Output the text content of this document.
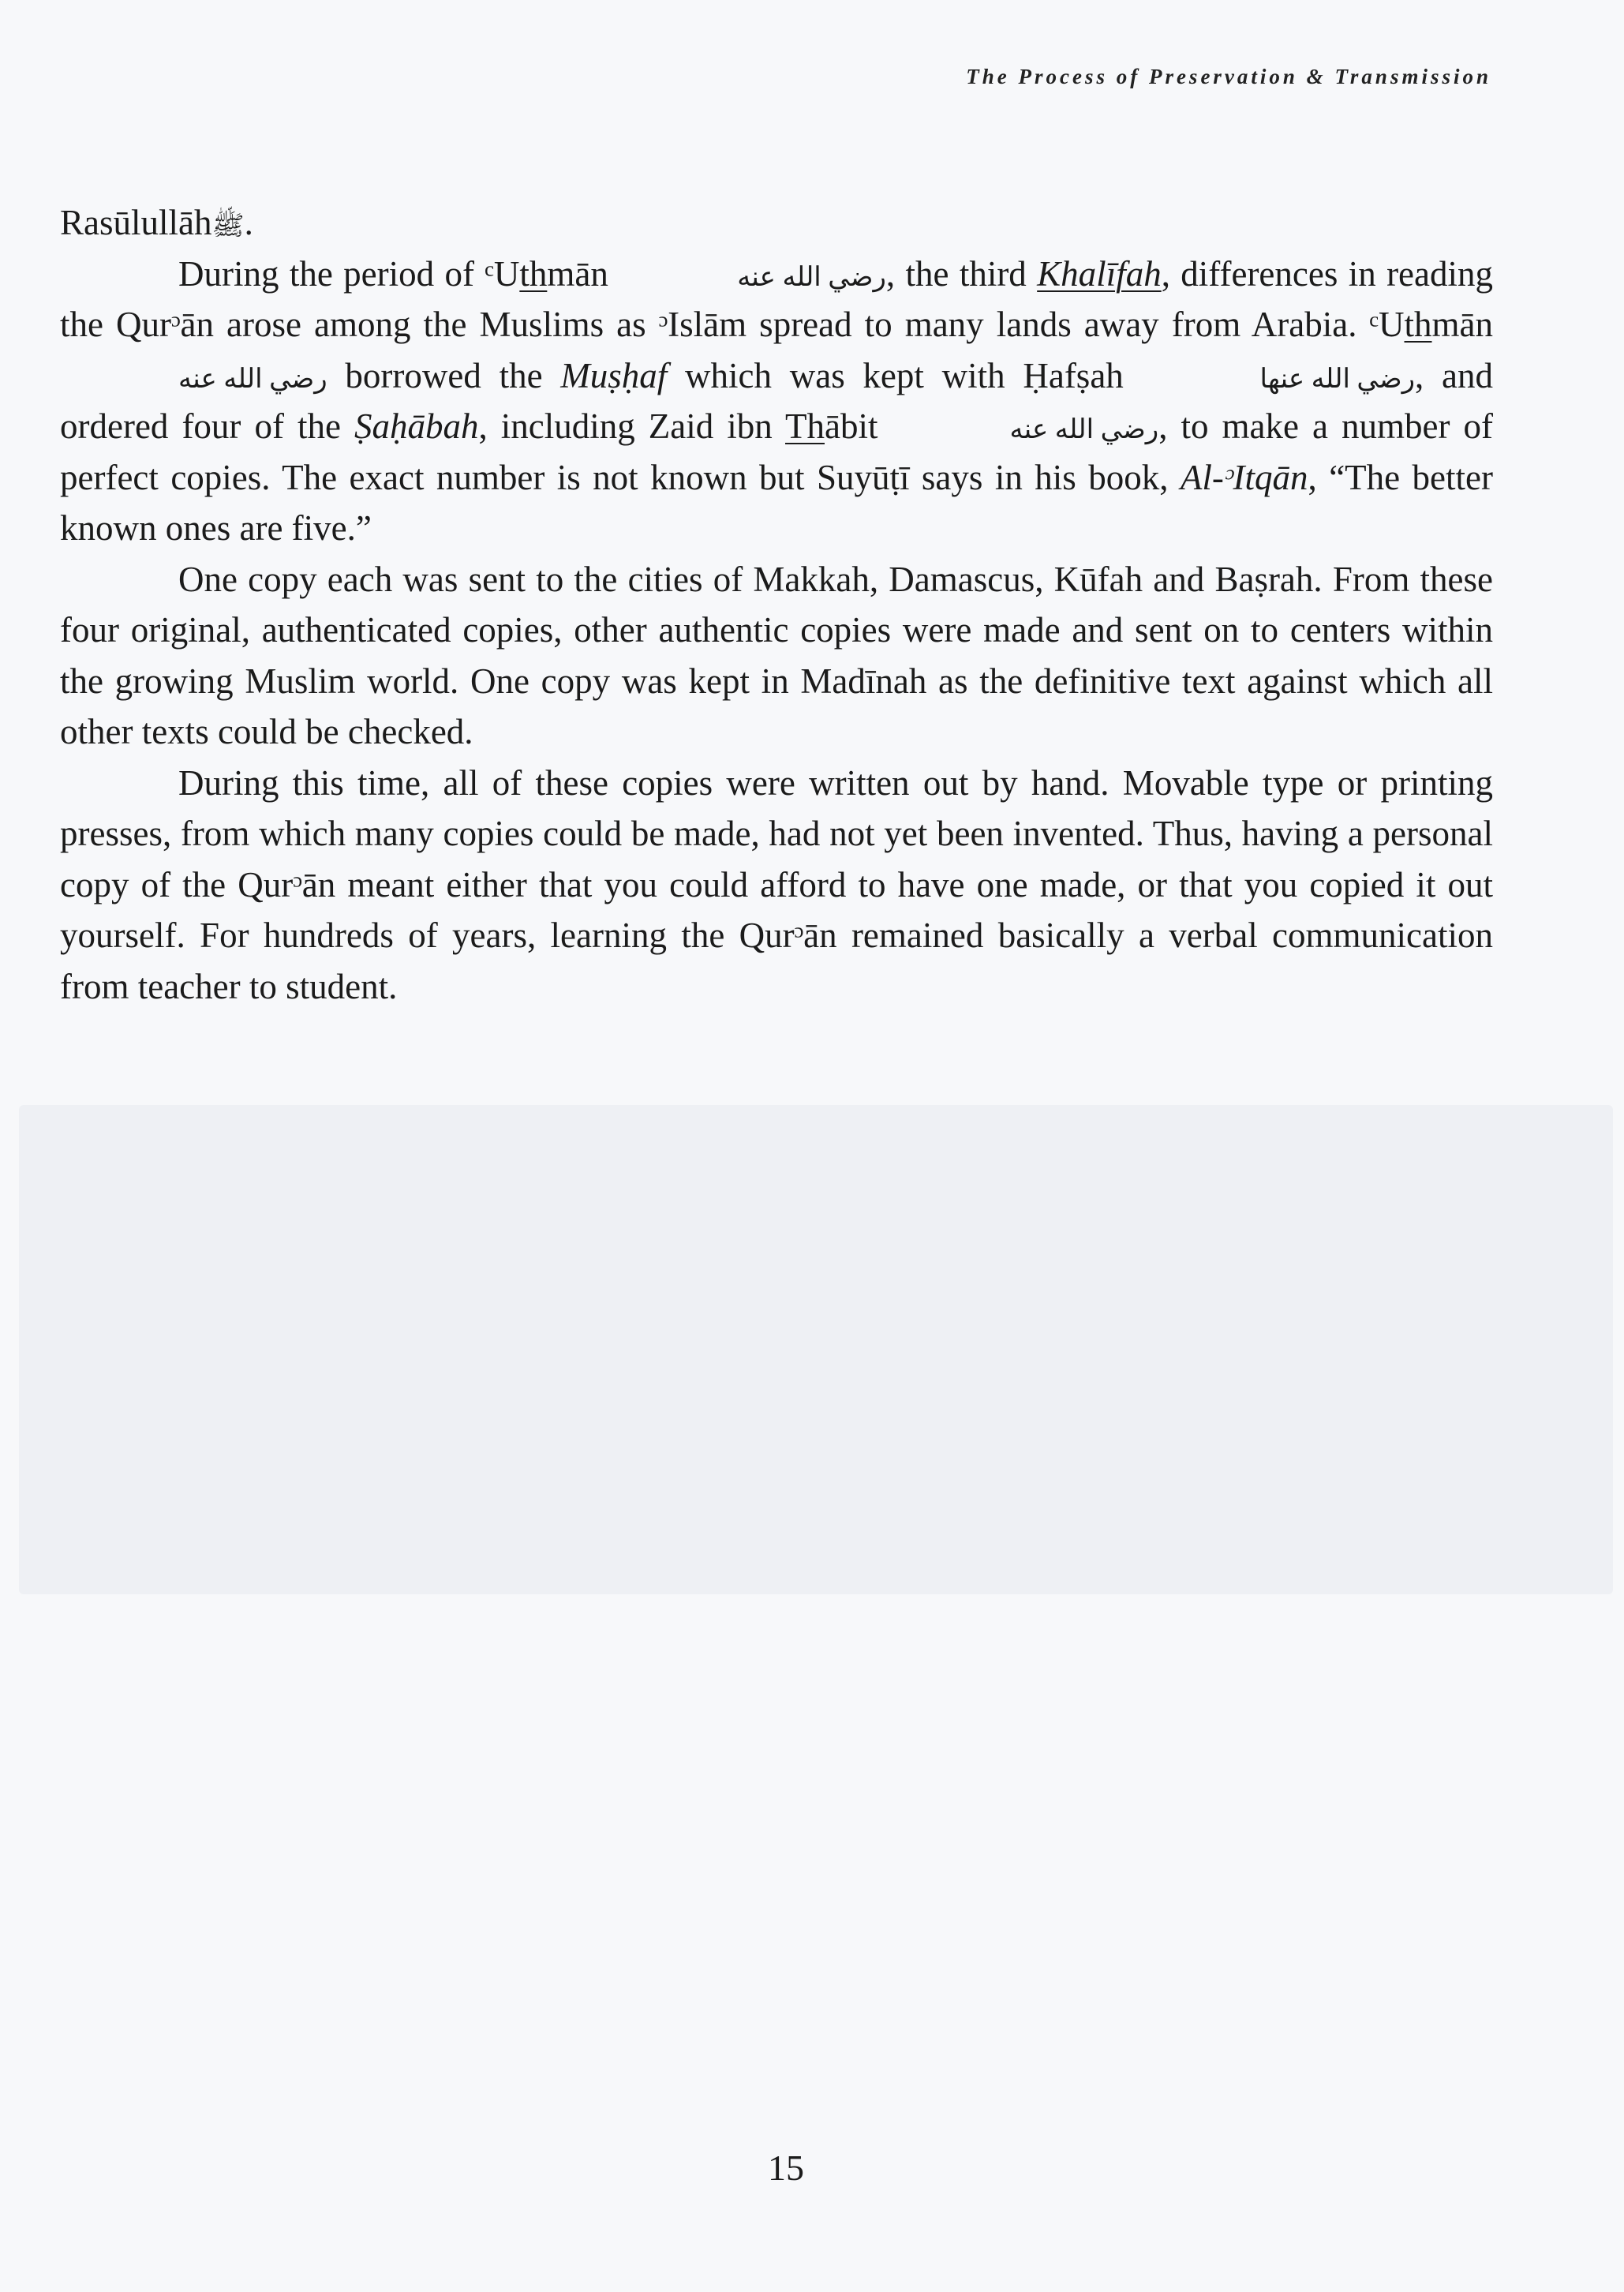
The Process of Preservation & Transmission

Rasūlullāhﷺ.

During the period of ᶜUthmān	رضي الله عنه, the third Khalīfah, differences in reading the Qurᵓān arose among the Muslims as ᵓIslām spread to many lands away from Arabia. ᶜUthmān رضي الله عنه borrowed the Muṣḥaf which was kept with Ḥafṣah	رضي الله عنها, and ordered four of the Ṣaḥābah, including Zaid ibn Thābit	رضي الله عنه, to make a number of perfect copies. The exact number is not known but Suyūṭī says in his book, Al-ᵓItqān, “The better known ones are five.”

One copy each was sent to the cities of Makkah, Damascus, Kūfah and Baṣrah. From these four original, authenticated copies, other authentic copies were made and sent on to centers within the growing Muslim world. One copy was kept in Madīnah as the definitive text against which all other texts could be checked.

During this time, all of these copies were written out by hand. Movable type or printing presses, from which many copies could be made, had not yet been invented. Thus, having a personal copy of the Qurᵓān meant either that you could afford to have one made, or that you copied it out yourself. For hundreds of years, learning the Qurᵓān remained basically a verbal communication from teacher to student.

15
